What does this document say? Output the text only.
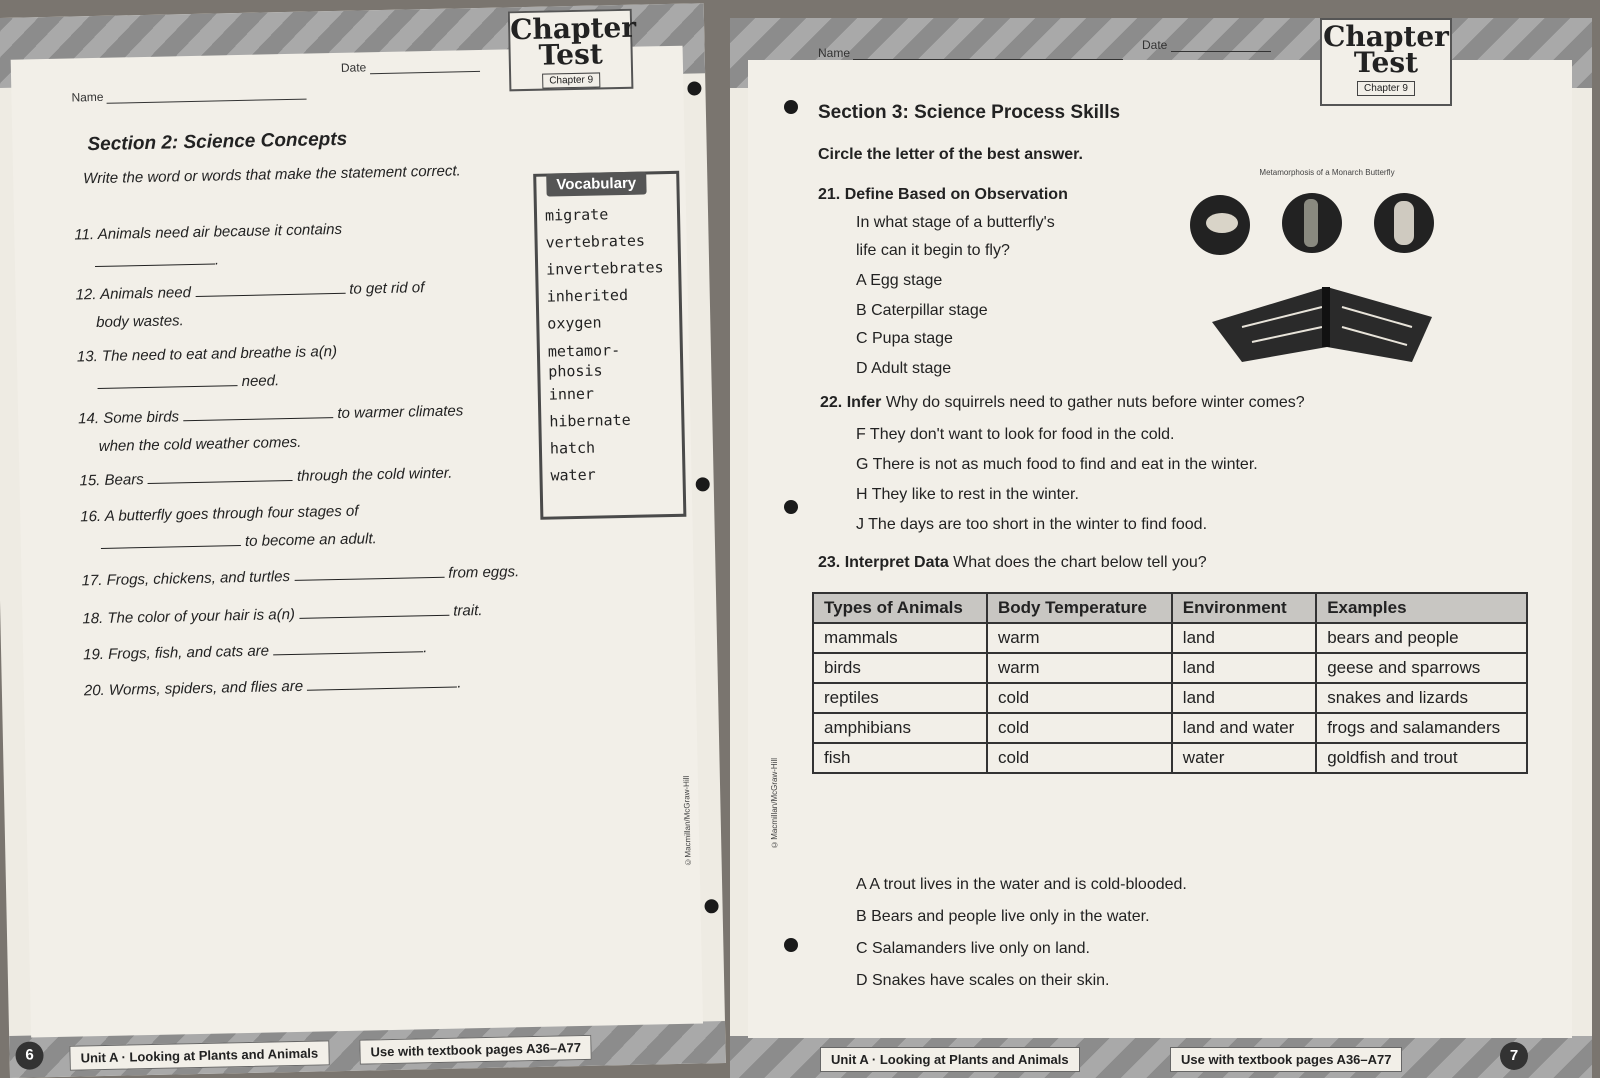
Name
Date
Chapter
Test
Chapter 9
Section 2: Science Concepts
Write the word or words that make the statement correct.	Vocabulary
migrate
vertebrates
invertebrates
inherited
oxygen
metamor-
phosis
inner
hibernate
hatch
water
11. Animals need air because it contains
.
12. Animals need	to get rid of
body wastes.
13. The need to eat and breathe is a(n)
need.
14. Some birds	to warmer climates
when the cold weather comes.
15. Bears	through the cold winter.
16. A butterfly goes through four stages of
to become an adult.
17. Frogs, chickens, and turtles	from eggs.
18. The color of your hair is a(n)	trait.
19. Frogs, fish, and cats are	.
20. Worms, spiders, and flies are	.
©Macmillan/McGraw-Hill
6	Unit A · Looking at Plants and Animals	Use with textbook pages A36–A77
Name
Date	Chapter
Test
Chapter 9
Section 3: Science Process Skills
Circle the letter of the best answer.
21. Define Based on Observation
In what stage of a butterfly's
life can it begin to fly?
A Egg stage
B Caterpillar stage
C Pupa stage
D Adult stage
Metamorphosis of a Monarch Butterfly
22. Infer Why do squirrels need to gather nuts before winter comes?
F They don't want to look for food in the cold.
G There is not as much food to find and eat in the winter.
H They like to rest in the winter.
J The days are too short in the winter to find food.
23. Interpret Data What does the chart below tell you?
Types of Animals	Body Temperature	Environment	Examples
mammals	warm	land	bears and people
birds	warm	land	geese and sparrows
reptiles	cold	land	snakes and lizards
amphibians	cold	land and water	frogs and salamanders
fish	cold	water	goldfish and trout
A A trout lives in the water and is cold-blooded.
B Bears and people live only in the water.
C Salamanders live only on land.
D Snakes have scales on their skin.
©Macmillan/McGraw-Hill
Unit A · Looking at Plants and Animals	Use with textbook pages A36–A77	7
